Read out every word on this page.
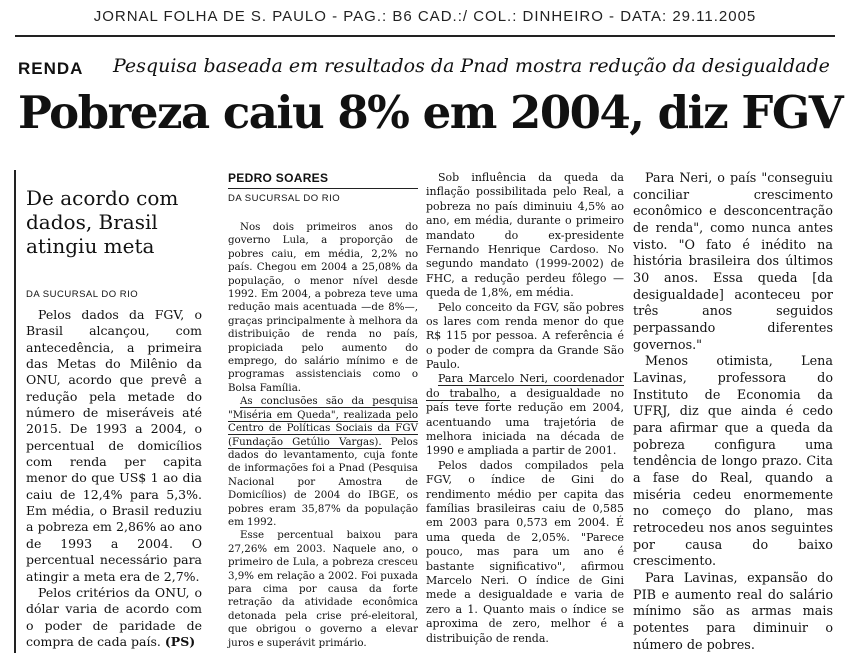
JORNAL FOLHA DE S. PAULO - PAG.: B6 CAD.:/ COL.: DINHEIRO - DATA: 29.11.2005
RENDA Pesquisa baseada em resultados da Pnad mostra redução da desigualdade
Pobreza caiu 8% em 2004, diz FGV
De acordo com dados, Brasil atingiu meta
DA SUCURSAL DO RIO

Pelos dados da FGV, o Brasil alcançou, com antecedência, a primeira das Metas do Milênio da ONU, acordo que prevê a redução pela metade do número de miseráveis até 2015. De 1993 a 2004, o percentual de domicílios com renda per capita menor do que US$ 1 ao dia caiu de 12,4% para 5,3%. Em média, o Brasil reduziu a pobreza em 2,86% ao ano de 1993 a 2004. O percentual necessário para atingir a meta era de 2,7%.

Pelos critérios da ONU, o dólar varia de acordo com o poder de paridade de compra de cada país. (PS)

PEDRO SOARES
DA SUCURSAL DO RIO

Nos dois primeiros anos do governo Lula, a proporção de pobres caiu, em média, 2,2% no país. Chegou em 2004 a 25,08% da população, o menor nível desde 1992. Em 2004, a pobreza teve uma redução mais acentuada —de 8%—, graças principalmente à melhora da distribuição de renda no país, propiciada pelo aumento do emprego, do salário mínimo e de programas assistenciais como o Bolsa Família.

As conclusões são da pesquisa "Miséria em Queda", realizada pelo Centro de Políticas Sociais da FGV (Fundação Getúlio Vargas). Pelos dados do levantamento, cuja fonte de informações foi a Pnad (Pesquisa Nacional por Amostra de Domicílios) de 2004 do IBGE, os pobres eram 35,87% da população em 1992.

Esse percentual baixou para 27,26% em 2003. Naquele ano, o primeiro de Lula, a pobreza cresceu 3,9% em relação a 2002. Foi puxada para cima por causa da forte retração da atividade econômica detonada pela crise pré-eleitoral, que obrigou o governo a elevar juros e superávit primário.

Sob influência da queda da inflação possibilitada pelo Real, a pobreza no país diminuiu 4,5% ao ano, em média, durante o primeiro mandato do ex-presidente Fernando Henrique Cardoso. No segundo mandato (1999-2002) de FHC, a redução perdeu fôlego — queda de 1,8%, em média.

Pelo conceito da FGV, são pobres os lares com renda menor do que R$ 115 por pessoa. A referência é o poder de compra da Grande São Paulo.

Para Marcelo Neri, coordenador do trabalho, a desigualdade no país teve forte redução em 2004, acentuando uma trajetória de melhora iniciada na década de 1990 e ampliada a partir de 2001.

Pelos dados compilados pela FGV, o índice de Gini do rendimento médio per capita das famílias brasileiras caiu de 0,585 em 2003 para 0,573 em 2004. É uma queda de 2,05%. "Parece pouco, mas para um ano é bastante significativo", afirmou Marcelo Neri. O índice de Gini mede a desigualdade e varia de zero a 1. Quanto mais o índice se aproxima de zero, melhor é a distribuição de renda.

Para Neri, o país "conseguiu conciliar crescimento econômico e desconcentração de renda", como nunca antes visto. "O fato é inédito na história brasileira dos últimos 30 anos. Essa queda [da desigualdade] aconteceu por três anos seguidos perpassando diferentes governos."

Menos otimista, Lena Lavinas, professora do Instituto de Economia da UFRJ, diz que ainda é cedo para afirmar que a queda da pobreza configura uma tendência de longo prazo. Cita a fase do Real, quando a miséria cedeu enormemente no começo do plano, mas retrocedeu nos anos seguintes por causa do baixo crescimento.

Para Lavinas, expansão do PIB e aumento real do salário mínimo são as armas mais potentes para diminuir o número de pobres.
